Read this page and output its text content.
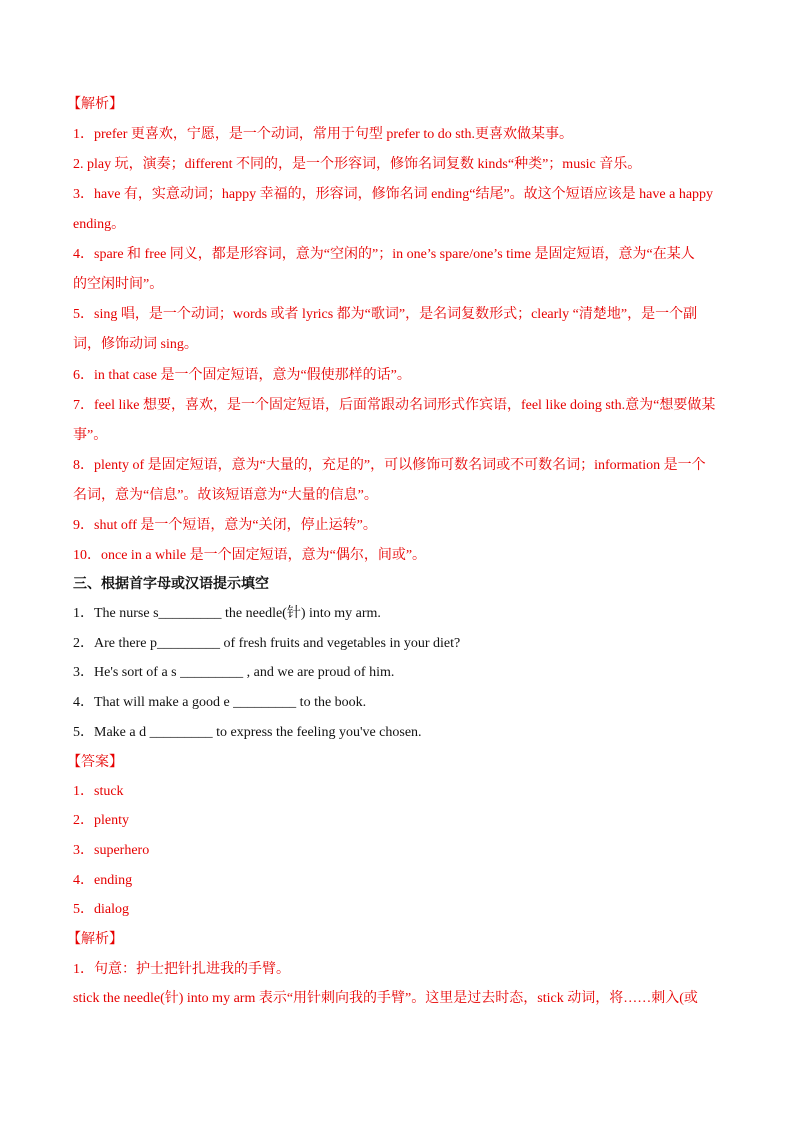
【解析】
1．prefer 更喜欢，宁愿，是一个动词，常用于句型 prefer to do sth.更喜欢做某事。
2. play 玩，演奏；different 不同的，是一个形容词，修饰名词复数 kinds“种类”；music 音乐。
3．have 有，实意动词；happy 幸福的，形容词，修饰名词 ending“结尾”。故这个短语应该是 have a happy
ending。
4．spare 和 free 同义，都是形容词，意为“空闲的”；in one’s spare/one’s time 是固定短语，意为“在某人
的空闲时间”。
5．sing 唱，是一个动词；words 或者 lyrics 都为“歌词”，是名词复数形式；clearly “清楚地”，是一个副
词，修饰动词 sing。
6．in that case 是一个固定短语，意为“假使那样的话”。
7．feel like 想要，喜欢，是一个固定短语，后面常跟动名词形式作宾语，feel like doing sth.意为“想要做某
事”。
8．plenty of 是固定短语，意为“大量的，充足的”，可以修饰可数名词或不可数名词；information 是一个
名词，意为“信息”。故该短语意为“大量的信息”。
9．shut off 是一个短语，意为“关闭，停止运转”。
10．once in a while 是一个固定短语，意为“偶尔，间或”。
三、根据首字母或汉语提示填空
1．The nurse s_________ the needle(针) into my arm.
2．Are there p_________ of fresh fruits and vegetables in your diet?
3．He's sort of a s _________ , and we are proud of him.
4．That will make a good e _________ to the book.
5．Make a d _________ to express the feeling you've chosen.
【答案】
1．stuck
2．plenty
3．superhero
4．ending
5．dialog
【解析】
1．句意：护士把针扎进我的手臂。
stick the needle(针) into my arm 表示“用针刺向我的手臂”。这里是过去时态，stick 动词，将……刺入(或
